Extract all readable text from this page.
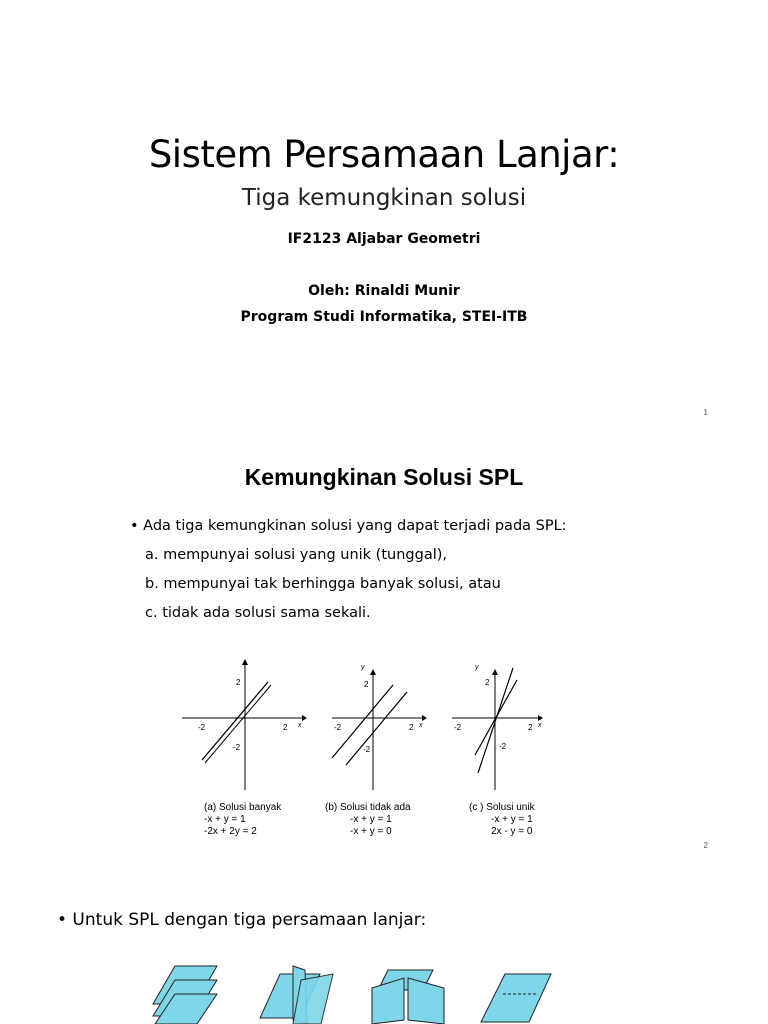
Sistem Persamaan Lanjar:
Tiga kemungkinan solusi
IF2123 Aljabar Geometri
Oleh: Rinaldi Munir
Program Studi Informatika, STEI-ITB
1
Kemungkinan Solusi SPL
• Ada tiga kemungkinan solusi yang dapat terjadi pada SPL:
a. mempunyai solusi yang unik (tunggal),
b. mempunyai tak berhingga banyak solusi, atau
c. tidak ada solusi sama sekali.
-2	2 x
2
-2
-2	2 x
y
2
-2
-2	2 x
y
2
-2
(a) Solusi banyak
-x + y = 1
-2x + 2y = 2
(b) Solusi tidak ada
-x + y = 1
-x + y = 0
(c ) Solusi unik
-x + y = 1
2x - y = 0
2
• Untuk SPL dengan tiga persamaan lanjar:
